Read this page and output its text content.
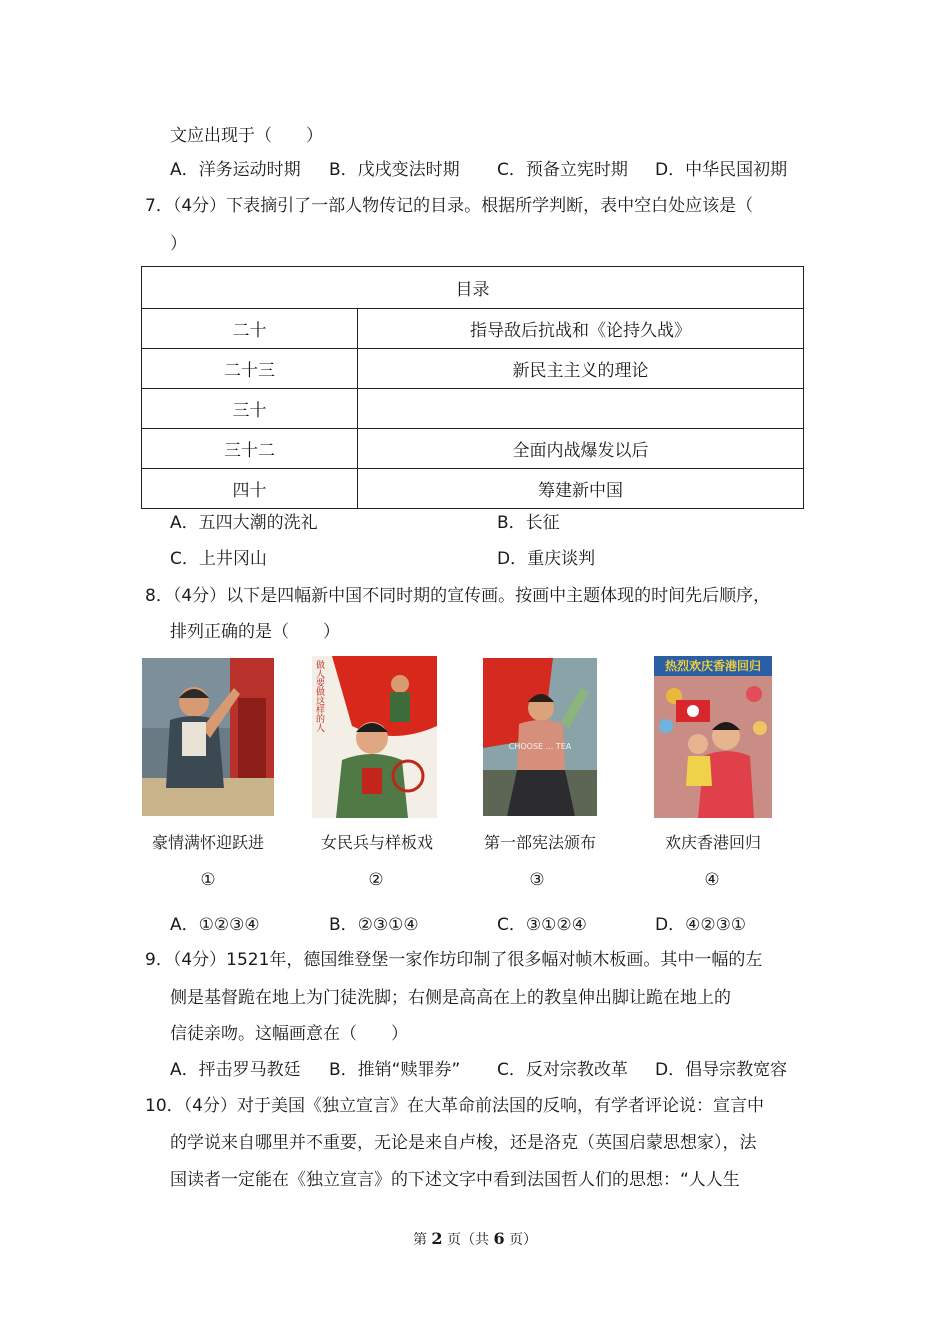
文应出现于（　　）
A．洋务运动时期 B．戊戌变法时期 C．预备立宪时期 D．中华民国初期
7．（4分）下表摘引了一部人物传记的目录。根据所学判断，表中空白处应该是（
）
目录	
二十	指导敌后抗战和《论持久战》
二十三	新民主主义的理论
三十	
三十二	全面内战爆发以后
四十	筹建新中国
A．五四大潮的洗礼	B．长征
C．上井冈山	D．重庆谈判
8．（4分）以下是四幅新中国不同时期的宣传画。按画中主题体现的时间先后顺序，
排列正确的是（　　）
豪情满怀迎跃进
①
做人要做这样的人
女民兵与样板戏
②
CHOOSE ... TEA
第一部宪法颁布
③
热烈欢庆香港回归
欢庆香港回归
④
A．①②③④	B．②③①④	C．③①②④	D．④②③①
9．（4分）1521年，德国维登堡一家作坊印制了很多幅对帧木板画。其中一幅的左
侧是基督跪在地上为门徒洗脚；右侧是高高在上的教皇伸出脚让跪在地上的
信徒亲吻。这幅画意在（　　）
A．抨击罗马教廷 B．推销“赎罪券” C．反对宗教改革 D．倡导宗教宽容
10．（4分）对于美国《独立宣言》在大革命前法国的反响，有学者评论说：宣言中
的学说来自哪里并不重要，无论是来自卢梭，还是洛克（英国启蒙思想家），法
国读者一定能在《独立宣言》的下述文字中看到法国哲人们的思想：“人人生
第 2 页（共 6 页）
